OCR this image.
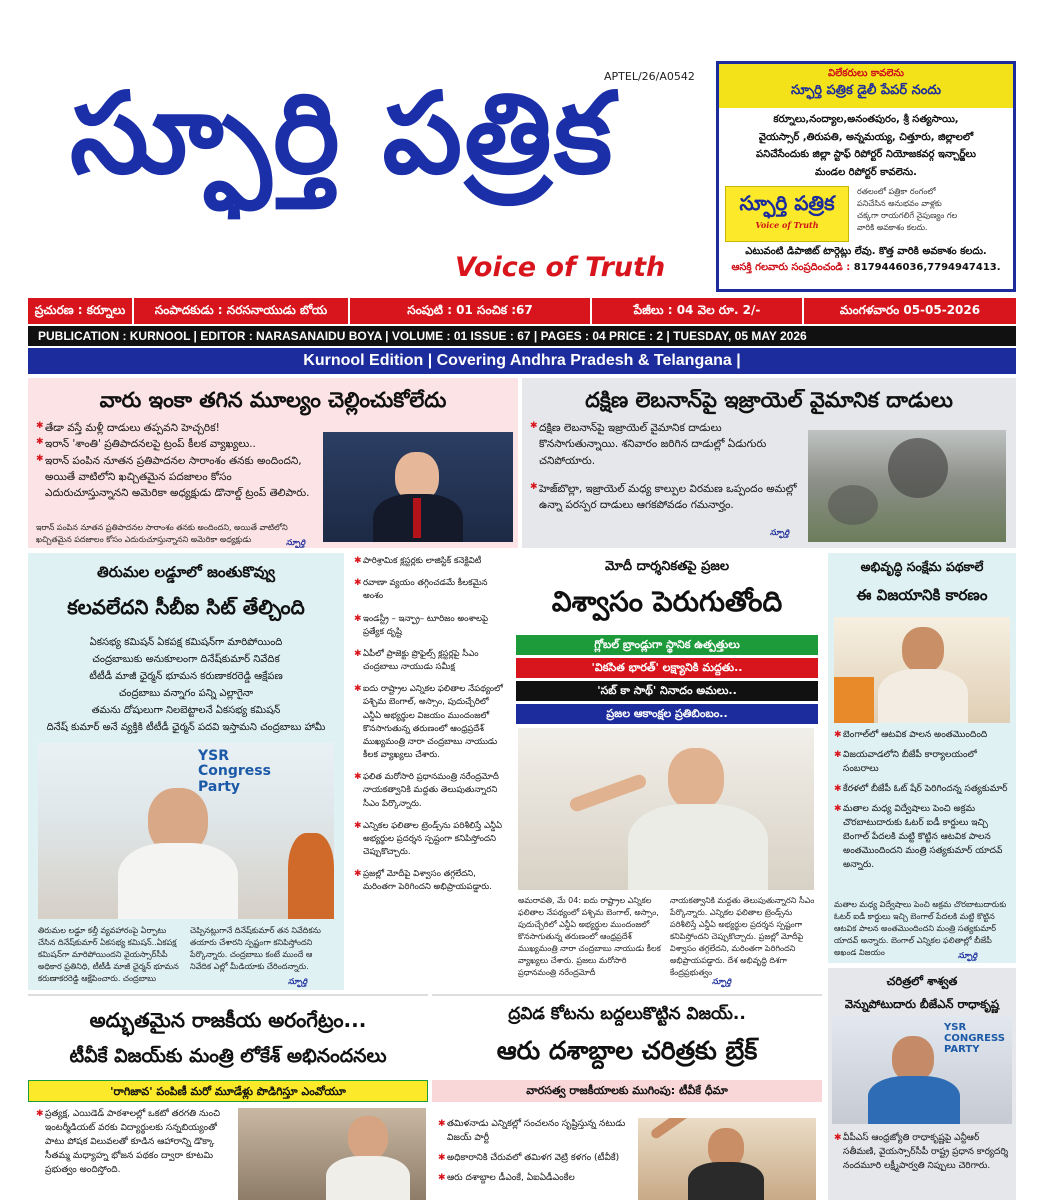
స్ఫూర్తి పత్రిక
APTEL/26/A0542
Voice of Truth
విలేకరులు కావలెను
స్ఫూర్తి పత్రిక డైలీ పేపర్ నందు
కర్నూలు,నంద్యాల,అనంతపురం, శ్రీ సత్యసాయి,
వైయస్సార్ ,తిరుపతి, అన్నమయ్య, చిత్తూరు, జిల్లాలలో
పనిచేసేందుకు జిల్లా స్టాఫ్ రిపోర్టర్ నియోజకవర్గ ఇన్చార్జ్‌లు
మండల రిపోర్టర్ కావలెను.
స్ఫూర్తి పత్రిక
Voice of Truth
రతలంలో పత్రికా రంగంలో
పనిచేసిన అనుభవం వాళ్లకు
చక్కగా రాయగలిగే నైపుణ్యం గల
వారికి అవకాశం కలదు.
ఎటువంటి డిపాజిట్ టార్గెట్లు లేవు. కొత్త వారికి అవకాశం కలదు.
ఆసక్తి గలవారు సంప్రదించండి : 8179446036,7794947413.
ప్రచురణ : కర్నూలు	సంపాదకుడు : నరసనాయుడు బోయ	సంపుటి : 01 సంచిక :67	పేజీలు : 04 వెల రూ. 2/-	మంగళవారం 05-05-2026
PUBLICATION : KURNOOL | EDITOR : NARASANAIDU BOYA | VOLUME : 01 ISSUE : 67 | PAGES : 04 PRICE : 2 | TUESDAY, 05 MAY 2026
Kurnool Edition | Covering Andhra Pradesh & Telangana |
వారు ఇంకా తగిన మూల్యం చెల్లించుకోలేదు
✱ తేడా వస్తే మళ్లీ దాడులు తప్పవని హెచ్చరిక!
✱ ఇరాన్ 'శాంతి' ప్రతిపాదనలపై ట్రంప్ కీలక వ్యాఖ్యలు..
✱ ఇరాన్ పంపిన నూతన ప్రతిపాదనల సారాంశం తనకు అందిందని, అయితే వాటిలోని ఖచ్చితమైన పదజాలం కోసం ఎదురుచూస్తున్నానని అమెరికా అధ్యక్షుడు డొనాల్డ్ ట్రంప్ తెలిపారు.
ఇరాన్ పంపిన నూతన ప్రతిపాదనల సారాంశం తనకు అందిందని, అయితే వాటిలోని ఖచ్చితమైన పదజాలం కోసం ఎదురుచూస్తున్నానని అమెరికా అధ్యక్షుడు	స్ఫూర్తి
దక్షిణ లెబనాన్‌పై ఇజ్రాయెల్ వైమానిక దాడులు
✱ దక్షిణ లెబనాన్‌పై ఇజ్రాయెల్ వైమానిక దాడులు కొనసాగుతున్నాయి. శనివారం జరిగిన దాడుల్లో ఏడుగురు చనిపోయారు.
✱ హెజ్‌బొల్లా, ఇజ్రాయెల్ మధ్య కాల్పుల విరమణ ఒప్పందం అమల్లో ఉన్నా పరస్పర దాడులు ఆగకపోవడం గమనార్హం.
స్ఫూర్తి
తిరుమల లడ్డూలో జంతుకొవ్వు
కలవలేదని సీబీఐ సిట్ తేల్చింది
ఏకసభ్య కమిషన్ ఏకపక్ష కమిషన్‌గా మారిపోయింది
చంద్రబాబుకు అనుకూలంగా దినేష్‌కుమార్ నివేదిక
టీటీడీ మాజీ ఛైర్మన్ భూమన కరుణాకరరెడ్డి ఆక్షేపణ
చంద్రబాబు వన్నాగం పన్ని ఎల్లాగైనా
తమను దోషులుగా నిలబెట్టాలనే ఏకసభ్య కమిషన్
దినేష్ కుమార్ అనే వ్యక్తికి టీటీడీ ఛైర్మన్ పదవి ఇస్తామని చంద్రబాబు హామీ
YSR
Congress
Party
తిరుమల లడ్డూ కల్తీ వ్యవహారంపై ఏర్పాటు చేసిన దినేష్‌కుమార్ ఏకసభ్య కమిషన్..ఏకపక్ష కమిషన్‌గా మారిపోయిందని వైయస్సార్‌సీపీ అధికార ప్రతినిధి, టీటీడీ మాజీ ఛైర్మన్ భూమన కరుణాకరరెడ్డి ఆక్షేపించారు. చంద్రబాబు
చెప్పినట్లుగానే దినేష్‌కుమార్ తన నివేదికను తయారు చేశారని స్పష్టంగా కనిపిస్తోందని పేర్కొన్నారు. చంద్రబాబు కంటే ముందే ఆ నివేదిక ఎల్లో మీడియాకు చేరిందన్నారు.
స్ఫూర్తి
✱ పారిశ్రామిక క్లస్టర్లకు లాజిస్టిక్ కనెక్టివిటీ
✱ రవాణా వ్యయం తగ్గించడమే కీలకమైన అంశం
✱ ఇండస్ట్రీ – ఇన్ఫ్రా– టూరిజం అంశాలపై ప్రత్యేక దృష్టి
✱ ఏపీలో ప్రాజెక్టు ప్రొఫైల్స్ క్లస్టర్లపై సీఎం చంద్రబాబు నాయుడు సమీక్ష
✱ ఐదు రాష్ట్రాల ఎన్నికల ఫలితాల నేపథ్యంలో పశ్చిమ బెంగాల్, అస్సాం, పుదుచ్చేరిలో ఎన్డీఏ అభ్యర్థుల విజయం ముందంజలో కొనసాగుతున్న తరుణంలో ఆంధ్రప్రదేశ్ ముఖ్యమంత్రి నారా చంద్రబాబు నాయుడు కీలక వ్యాఖ్యలు చేశారు.
✱ ఫలిత మరోసారి ప్రధానమంత్రి నరేంద్రమోదీ నాయకత్వానికి మద్దతు తెలుపుతున్నారని సీఎం పేర్కొన్నారు.
✱ ఎన్నికల ఫలితాల ట్రెండ్స్‌ను పరిశీలిస్తే ఎన్డీఏ అభ్యర్థుల ప్రదర్శన స్పష్టంగా కనిపిస్తోందని చెప్పుకొచ్చారు.
✱ ప్రజల్లో మోదీపై విశ్వాసం తగ్గలేదని, మరింతగా పెరిగిందని అభిప్రాయపడ్డారు.
మోదీ దార్శనికతపై ప్రజల
విశ్వాసం పెరుగుతోంది
గ్లోబల్ బ్రాండ్లుగా స్థానిక ఉత్పత్తులు
'వికసిత భారత్' లక్ష్యానికి మద్దతు..
'సబ్ కా సాథ్' నినాదం అమలు..
ప్రజల ఆకాంక్షల ప్రతిబింబం..
అమరావతి, మే 04: ఐదు రాష్ట్రాల ఎన్నికల ఫలితాల నేపథ్యంలో పశ్చిమ బెంగాల్, అస్సాం, పుదుచ్చేరిలో ఎన్డీఏ అభ్యర్థుల ముందంజలో కొనసాగుతున్న తరుణంలో ఆంధ్రప్రదేశ్ ముఖ్యమంత్రి నారా చంద్రబాబు నాయుడు కీలక వ్యాఖ్యలు చేశారు. ప్రజలు మరోసారి ప్రధానమంత్రి నరేంద్రమోదీ
నాయకత్వానికి మద్దతు తెలుపుతున్నారని సీఎం పేర్కొన్నారు. ఎన్నికల ఫలితాల ట్రెండ్స్‌ను పరిశీలిస్తే ఎన్డీఏ అభ్యర్థుల ప్రదర్శన స్పష్టంగా కనిపిస్తోందని చెప్పుకొచ్చారు. ప్రజల్లో మోదీపై విశ్వాసం తగ్గలేదని, మరింతగా పెరిగిందని అభిప్రాయపడ్డారు. దేశ అభివృద్ధి దిశగా కేంద్రప్రభుత్వం
స్ఫూర్తి
అభివృద్ధి సంక్షేమ పథకాలే
ఈ విజయానికి కారణం
✱ బెంగాల్‌లో ఆటవిక పాలన అంతమొందింది
✱ విజయవాడలోని బీజేపీ కార్యాలయంలో సంబరాలు
✱ కేరళలో బీజేపీ ఓట్ షేర్ పెరిగిందన్న సత్యకుమార్
✱ మతాల మధ్య విద్వేషాలు పెంచి అక్రమ చొరబాటుదారుకు ఓటర్ ఐడీ కార్డులు ఇచ్చి బెంగాల్ పేదలకి మట్టి కొట్టిన ఆటవిక పాలన అంతమొందిందని మంత్రి సత్యకుమార్ యాదవ్ అన్నారు.
మతాల మధ్య విద్వేషాలు పెంచి అక్రమ చొరబాటుదారుకు ఓటర్ ఐడీ కార్డులు ఇచ్చి బెంగాల్ పేదలకి మట్టి కొట్టిన ఆటవిక పాలన అంతమొందిందని మంత్రి సత్యకుమార్ యాదవ్ అన్నారు. బెంగాల్ ఎన్నికల ఫలితాల్లో బీజేపీ అఖండ విజయం	స్ఫూర్తి
అద్భుతమైన రాజకీయ అరంగేట్రం...
టీవీకే విజయ్‌కు మంత్రి లోకేశ్ అభినందనలు
'రాగిజావ' పంపిణీ మరో మూడేళ్లు పొడిగిస్తూ ఎంవోయూ
✱ ప్రత్యక్ష, ఎయిడెడ్ పాఠశాలల్లో ఒకటో తరగతి నుంచి ఇంటర్మీడియట్ వరకు విద్యార్థులకు సన్నబియ్యంతో పాటు పోషక విలువలతో కూడిన ఆహారాన్ని డొక్కా సీతమ్మ మధ్యాహ్న భోజన పథకం ద్వారా కూటమి ప్రభుత్వం అందిస్తోంది.
ద్రవిడ కోటను బద్దలుకొట్టిన విజయ్..
ఆరు దశాబ్దాల చరిత్రకు బ్రేక్
వారసత్వ రాజకీయాలకు ముగింపు: టీవీకే ధీమా
✱ తమిళనాడు ఎన్నికల్లో సంచలనం సృష్టిస్తున్న నటుడు విజయ్ పార్టీ
✱ అధికారానికి చేరువలో తమిళగ వెట్రి కళగం (టీవీకే)
✱ ఆరు దశాబ్దాల డీఎంకే, ఏఐఏడీఎంకేల
చరిత్రలో శాశ్వత
వెన్నుపోటుదారు బీజేఎన్ రాధాకృష్ణ
YSR
CONGRESS
PARTY
✱ వీపీఎస్ ఆంధ్రజ్యోతి రాధాకృష్ణపై ఎన్టీఆర్ సతీమణి, వైయస్సార్‌సీపీ రాష్ట్ర ప్రధాన కార్యదర్శి నందమూరి లక్ష్మీపార్వతి నిప్పులు చెరిగారు.
